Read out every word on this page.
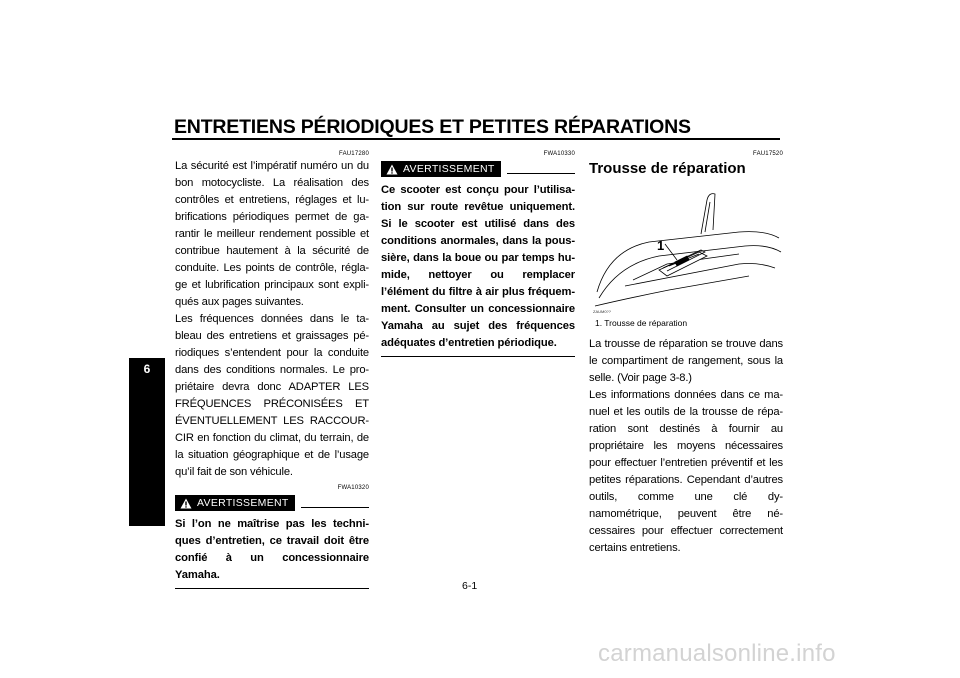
ENTRETIENS PÉRIODIQUES ET PETITES RÉPARATIONS
6
FAU17280

La sécurité est l’impératif numéro un du bon motocycliste. La réalisation des contrôles et entretiens, réglages et lu-brifications périodiques permet de ga-rantir le meilleur rendement possible et contribue hautement à la sécurité de conduite. Les points de contrôle, régla-ge et lubrification principaux sont expli-qués aux pages suivantes.

Les fréquences données dans le ta-bleau des entretiens et graissages pé-riodiques s’entendent pour la conduite dans des conditions normales. Le pro-priétaire devra donc ADAPTER LES FRÉQUENCES PRÉCONISÉES ET ÉVENTUELLEMENT LES RACCOUR-CIR en fonction du climat, du terrain, de la situation géographique et de l’usage qu’il fait de son véhicule.

FWA10320
AVERTISSEMENT

Si l’on ne maîtrise pas les techni-ques d’entretien, ce travail doit être confié à un concessionnaire Yamaha.

FWA10330
AVERTISSEMENT

Ce scooter est conçu pour l’utilisa-tion sur route revêtue uniquement. Si le scooter est utilisé dans des conditions anormales, dans la pous-sière, dans la boue ou par temps hu-mide, nettoyer ou remplacer l’élément du filtre à air plus fréquem-ment. Consulter un concessionnaire Yamaha au sujet des fréquences adéquates d’entretien périodique.

FAU17520
Trousse de réparation
1
ZAUM0??
1. Trousse de réparation

La trousse de réparation se trouve dans le compartiment de rangement, sous la selle. (Voir page 3-8.)

Les informations données dans ce ma-nuel et les outils de la trousse de répa-ration sont destinés à fournir au propriétaire les moyens nécessaires pour effectuer l’entretien préventif et les petites réparations. Cependant d’autres outils, comme une clé dy-namométrique, peuvent être né-cessaires pour effectuer correctement certains entretiens.

6-1
carmanualsonline.info
